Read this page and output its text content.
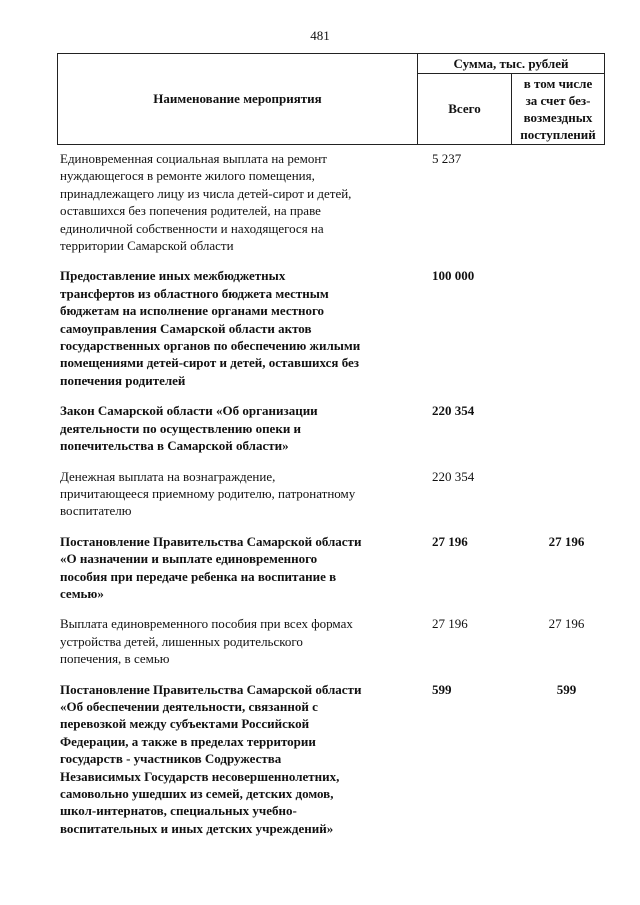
481
Наименование мероприятия
Сумма, тыс. рублей
Всего
в том числе
за счет без-
возмездных
поступлений
Единовременная социальная выплата на ремонт
нуждающегося в ремонте жилого помещения,
принадлежащего лицу из числа детей-сирот и детей,
оставшихся без попечения родителей, на праве
единоличной собственности и находящегося на
территории Самарской области
5 237
Предоставление иных межбюджетных
трансфертов из областного бюджета местным
бюджетам на исполнение органами местного
самоуправления Самарской области актов
государственных органов по обеспечению жилыми
помещениями детей-сирот и детей, оставшихся без
попечения родителей
100 000
Закон Самарской области «Об организации
деятельности по осуществлению опеки и
попечительства в Самарской области»
220 354
Денежная выплата на вознаграждение,
причитающееся приемному родителю, патронатному
воспитателю
220 354
Постановление Правительства Самарской области
«О назначении и выплате единовременного
пособия при передаче ребенка на воспитание в
семью»
27 196	27 196
Выплата единовременного пособия при всех формах
устройства детей, лишенных родительского
попечения, в семью
27 196	27 196
Постановление Правительства Самарской области
«Об обеспечении деятельности, связанной с
перевозкой между субъектами Российской
Федерации, а также в пределах территории
государств - участников Содружества
Независимых Государств несовершеннолетних,
самовольно ушедших из семей, детских домов,
школ-интернатов, специальных учебно-
воспитательных и иных детских учреждений»
599	599
